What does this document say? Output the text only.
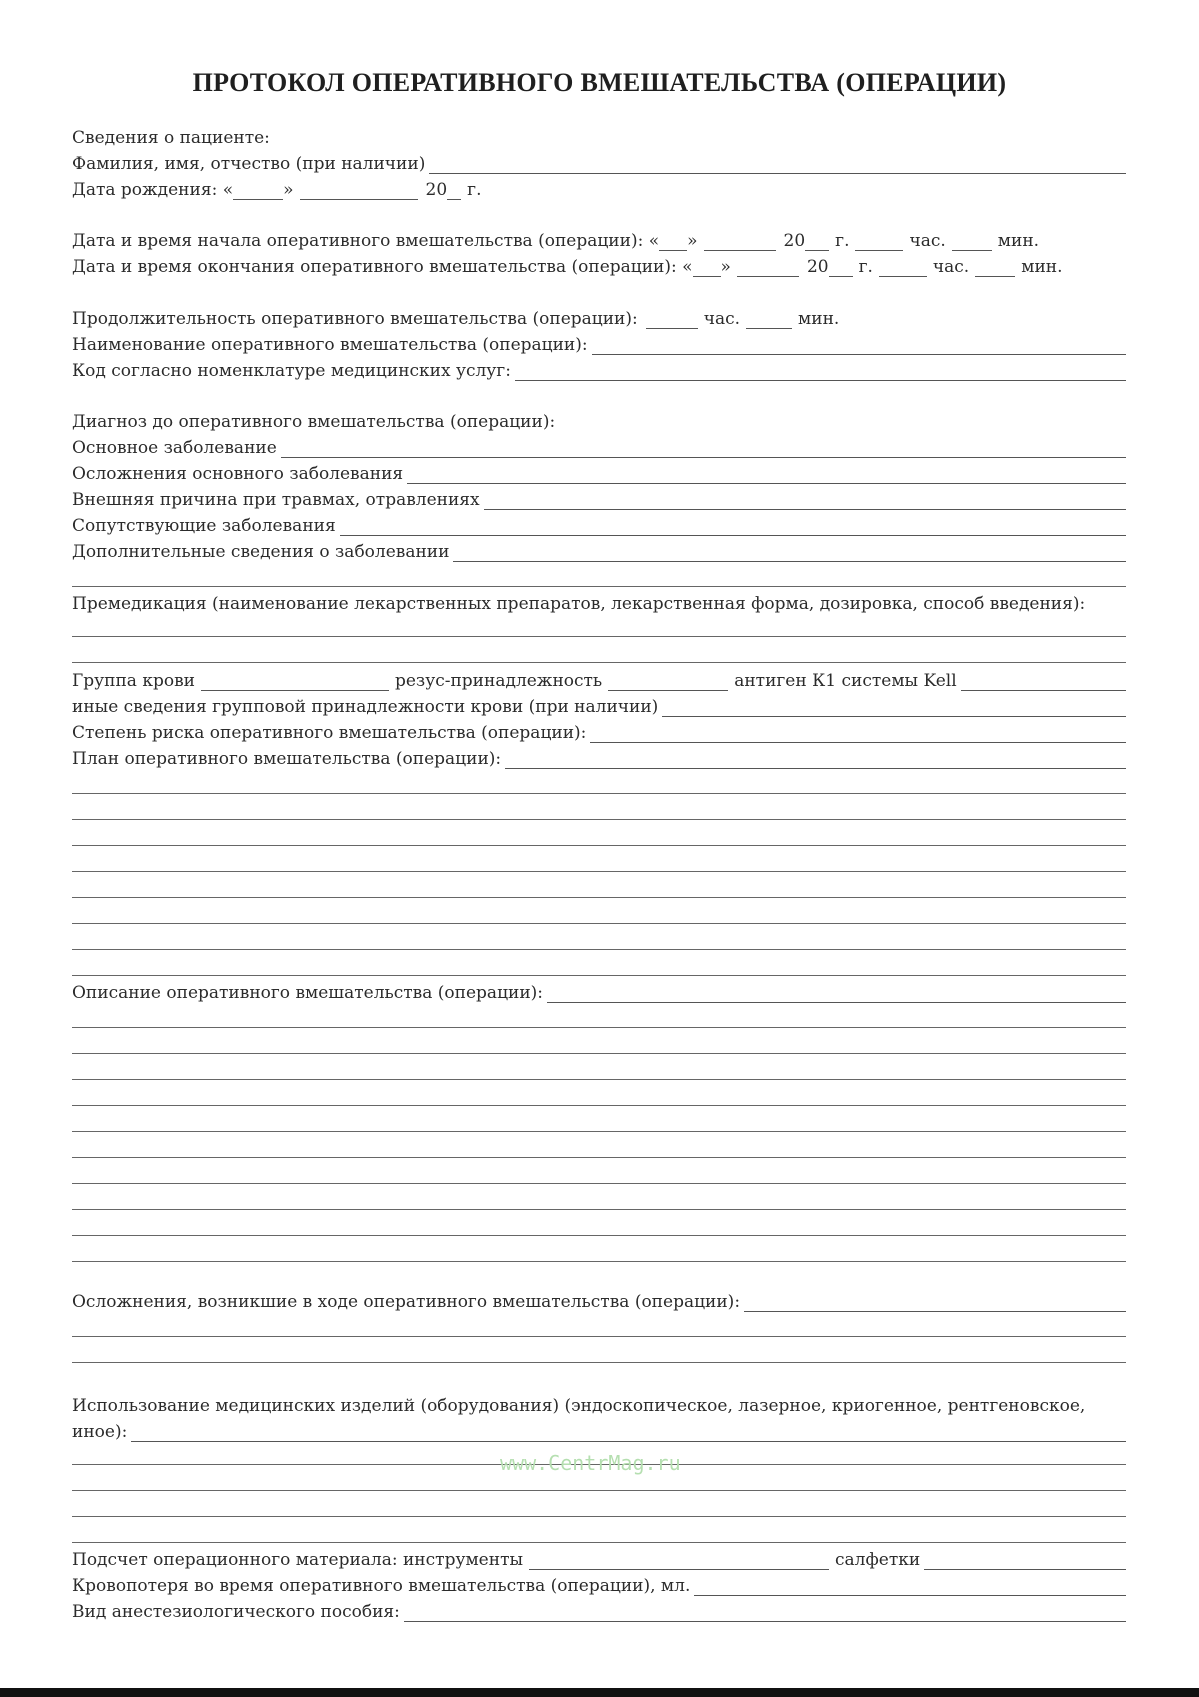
ПРОТОКОЛ ОПЕРАТИВНОГО ВМЕШАТЕЛЬСТВА (ОПЕРАЦИИ)
Сведения о пациенте:
Фамилия, имя, отчество (при наличии)
Дата рождения: «	»	20 г.
Дата и время начала оперативного вмешательства (операции): « »	20 г.	час.	мин.
Дата и время окончания оперативного вмешательства (операции): « »	20 г.	час.	мин.
Продолжительность оперативного вмешательства (операции):	час.	мин.
Наименование оперативного вмешательства (операции):
Код согласно номенклатуре медицинских услуг:
Диагноз до оперативного вмешательства (операции):
Основное заболевание
Осложнения основного заболевания
Внешняя причина при травмах, отравлениях
Сопутствующие заболевания
Дополнительные сведения о заболевании
Премедикация (наименование лекарственных препаратов, лекарственная форма, дозировка, способ введения):
Группа крови	резус-принадлежность	антиген К1 системы Kell
иные сведения групповой принадлежности крови (при наличии)
Степень риска оперативного вмешательства (операции):
План оперативного вмешательства (операции):
Описание оперативного вмешательства (операции):
Осложнения, возникшие в ходе оперативного вмешательства (операции):
Использование медицинских изделий (оборудования) (эндоскопическое, лазерное, криогенное, рентгеновское,
иное):
www.CentrMag.ru
Подсчет операционного материала: инструменты	салфетки
Кровопотеря во время оперативного вмешательства (операции), мл.
Вид анестезиологического пособия:
